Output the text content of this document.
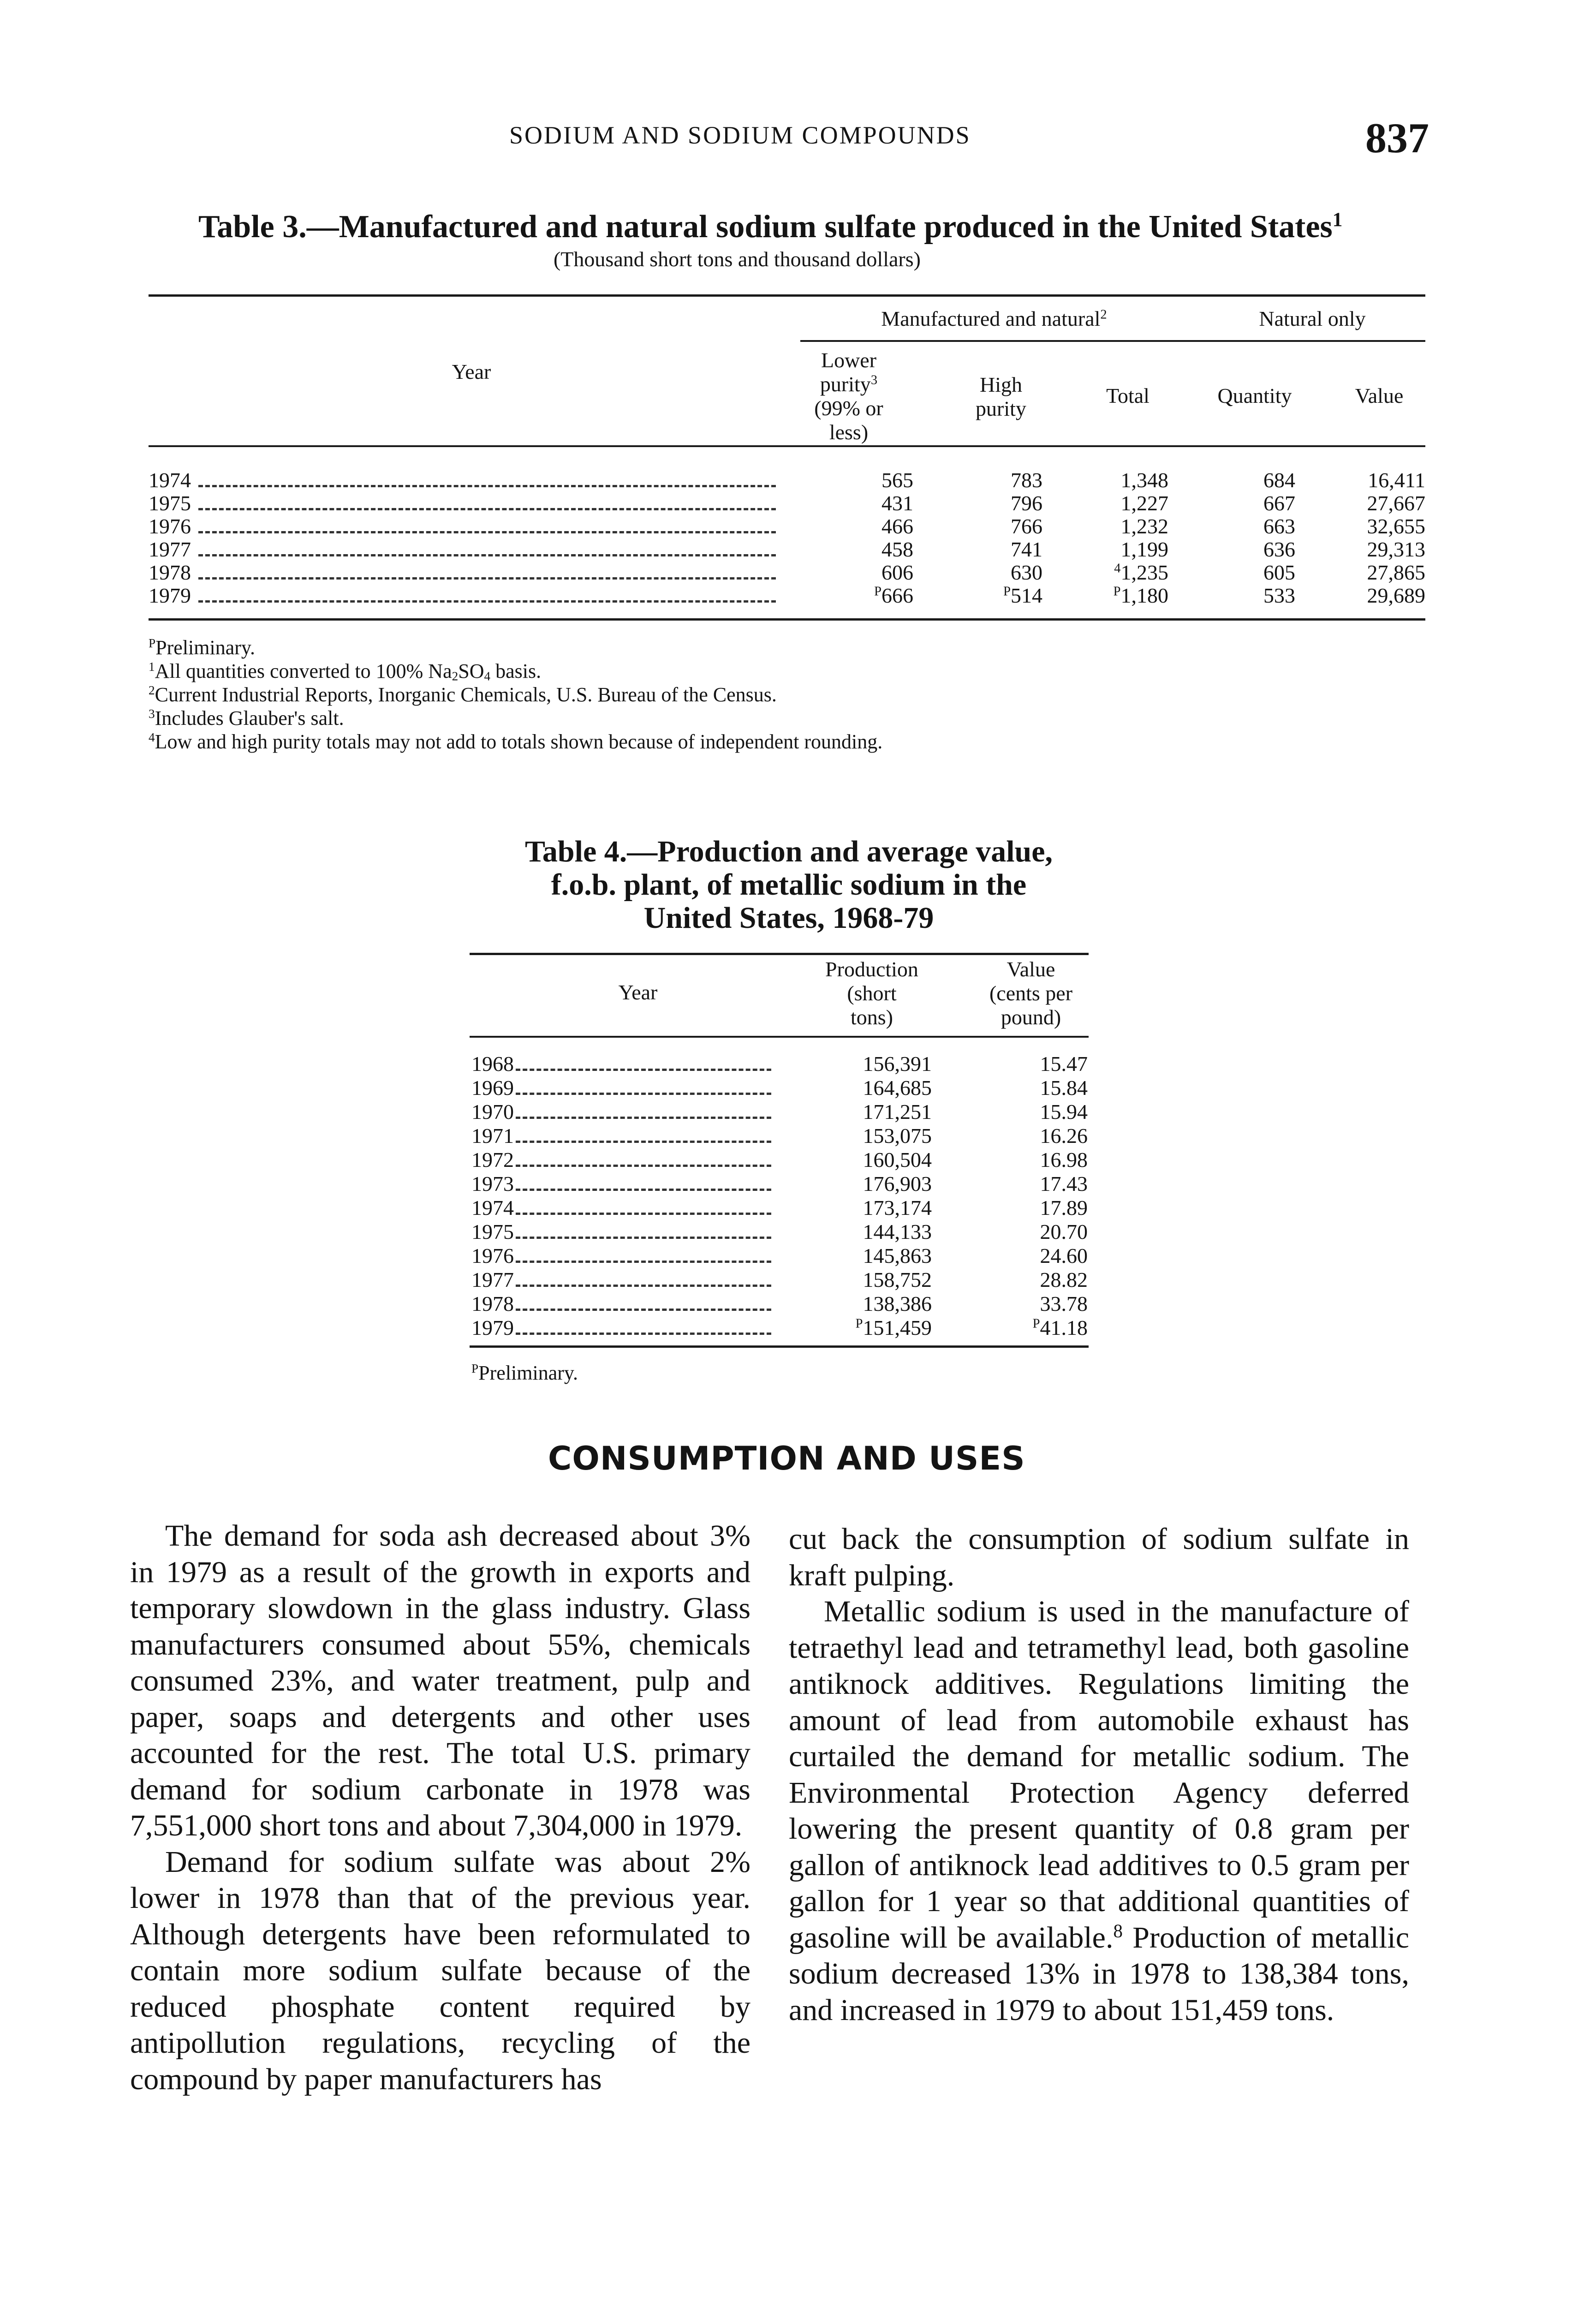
SODIUM AND SODIUM COMPOUNDS	837
Table 3.—Manufactured and natural sodium sulfate produced in the United States$^1$
(Thousand short tons and thousand dollars)
Manufactured and natural$^2$	Natural only
Year	Lower
purity$^3$
(99% or
less)
High
purity
Total	Quantity	Value
1974	565	783	1,348	684	16,411
1975	431	796	1,227	667	27,667
1976	466	766	1,232	663	32,655
1977	458	741	1,199	636	29,313
1978	606	630	$^4$1,235	605	27,865
1979	$^P$666	$^P$514	$^P$1,180	533	29,689
$^P$Preliminary.
$^1$All quantities converted to 100% $Na_2SO_4$ basis.
$^2$Current Industrial Reports, Inorganic Chemicals, U.S. Bureau of the Census.
$^3$Includes Glauber's salt.
$^4$Low and high purity totals may not add to totals shown because of independent rounding.
Table 4.—Production and average value,
f.o.b. plant, of metallic sodium in the
United States, 1968-79
Year
Production
(short
tons)
Value
(cents per
pound)
1968	156,391	15.47
1969	164,685	15.84
1970	171,251	15.94
1971	153,075	16.26
1972	160,504	16.98
1973	176,903	17.43
1974	173,174	17.89
1975	144,133	20.70
1976	145,863	24.60
1977	158,752	28.82
1978	138,386	33.78
1979	$^P$151,459	$^P$41.18
$^P$Preliminary.
CONSUMPTION AND USES

The demand for soda ash decreased about 3% in 1979 as a result of the growth in exports and temporary slowdown in the glass industry. Glass manufacturers consumed about 55%, chemicals consumed 23%, and water treatment, pulp and paper, soaps and detergents and other uses accounted for the rest. The total U.S. primary demand for sodium carbonate in 1978 was 7,551,000 short tons and about 7,304,000 in 1979.

Demand for sodium sulfate was about 2% lower in 1978 than that of the previous year. Although detergents have been reformulated to contain more sodium sulfate because of the reduced phosphate content required by antipollution regulations, recycling of the compound by paper manufacturers has

cut back the consumption of sodium sulfate in kraft pulping.

Metallic sodium is used in the manufacture of tetraethyl lead and tetramethyl lead, both gasoline antiknock additives. Regulations limiting the amount of lead from automobile exhaust has curtailed the demand for metallic sodium. The Environmental Protection Agency deferred lowering the present quantity of 0.8 gram per gallon of antiknock lead additives to 0.5 gram per gallon for 1 year so that additional quantities of gasoline will be available.$^8$ Production of metallic sodium decreased 13% in 1978 to 138,384 tons, and increased in 1979 to about 151,459 tons.
